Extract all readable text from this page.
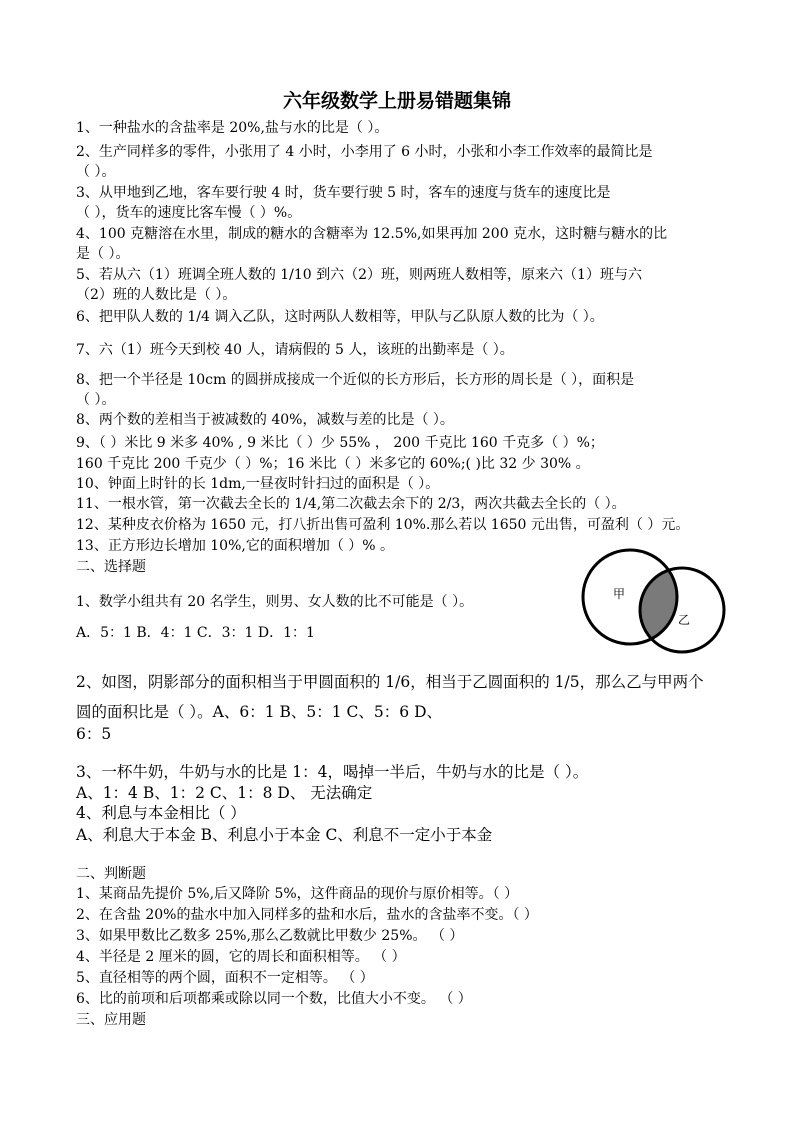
六年级数学上册易错题集锦
1、一种盐水的含盐率是 20%,盐与水的比是（ ）。
2、生产同样多的零件，小张用了 4 小时，小李用了 6 小时，小张和小李工作效率的最简比是
（ ）。
3、从甲地到乙地，客车要行驶 4 时，货车要行驶 5 时，客车的速度与货车的速度比是
（ ），货车的速度比客车慢（ ）%。
4、100 克糖溶在水里，制成的糖水的含糖率为 12.5%,如果再加 200 克水，这时糖与糖水的比
是（ ）。
5、若从六（1）班调全班人数的 1/10 到六（2）班，则两班人数相等，原来六（1）班与六
（2）班的人数比是（ ）。
6、把甲队人数的 1/4 调入乙队，这时两队人数相等，甲队与乙队原人数的比为（ ）。
7、六（1）班今天到校 40 人，请病假的 5 人，该班的出勤率是（ ）。
8、把一个半径是 10cm 的圆拼成接成一个近似的长方形后，长方形的周长是（ ），面积是
（ ）。
8、两个数的差相当于被减数的 40%，减数与差的比是（ ）。
9、（ ）米比 9 米多 40% , 9 米比（ ）少 55% ， 200 千克比 160 千克多（ ）%；
160 千克比 200 千克少（ ）%；16 米比（ ）米多它的 60%;( )比 32 少 30% 。
10、钟面上时针的长 1dm,一昼夜时针扫过的面积是（ ）。
11、一根水管，第一次截去全长的 1/4,第二次截去余下的 2/3，两次共截去全长的（ ）。
12、某种皮衣价格为 1650 元，打八折出售可盈利 10%.那么若以 1650 元出售，可盈利（ ）元。
13、正方形边长增加 10%,它的面积增加（ ）% 。
二、选择题
1、数学小组共有 20 名学生，则男、女人数的比不可能是（ ）。
A．5：1 B．4：1 C．3：1 D．1：1
甲
乙
2、如图，阴影部分的面积相当于甲圆面积的 1/6，相当于乙圆面积的 1/5，那么乙与甲两个
圆的面积比是（ ）。A、6：1 B、5：1 C、5：6 D、
6：5
3、一杯牛奶，牛奶与水的比是 1：4，喝掉一半后，牛奶与水的比是（ ）。
A、1：4 B、1：2 C、1：8 D、 无法确定
4、利息与本金相比（ ）
A、利息大于本金 B、利息小于本金 C、利息不一定小于本金
二、判断题
1、某商品先提价 5%,后又降阶 5%，这件商品的现价与原价相等。（ ）
2、在含盐 20%的盐水中加入同样多的盐和水后，盐水的含盐率不变。（ ）
3、如果甲数比乙数多 25%,那么乙数就比甲数少 25%。 （ ）
4、半径是 2 厘米的圆，它的周长和面积相等。 （ ）
5、直径相等的两个圆，面积不一定相等。 （ ）
6、比的前项和后项都乘或除以同一个数，比值大小不变。 （ ）
三、应用题
